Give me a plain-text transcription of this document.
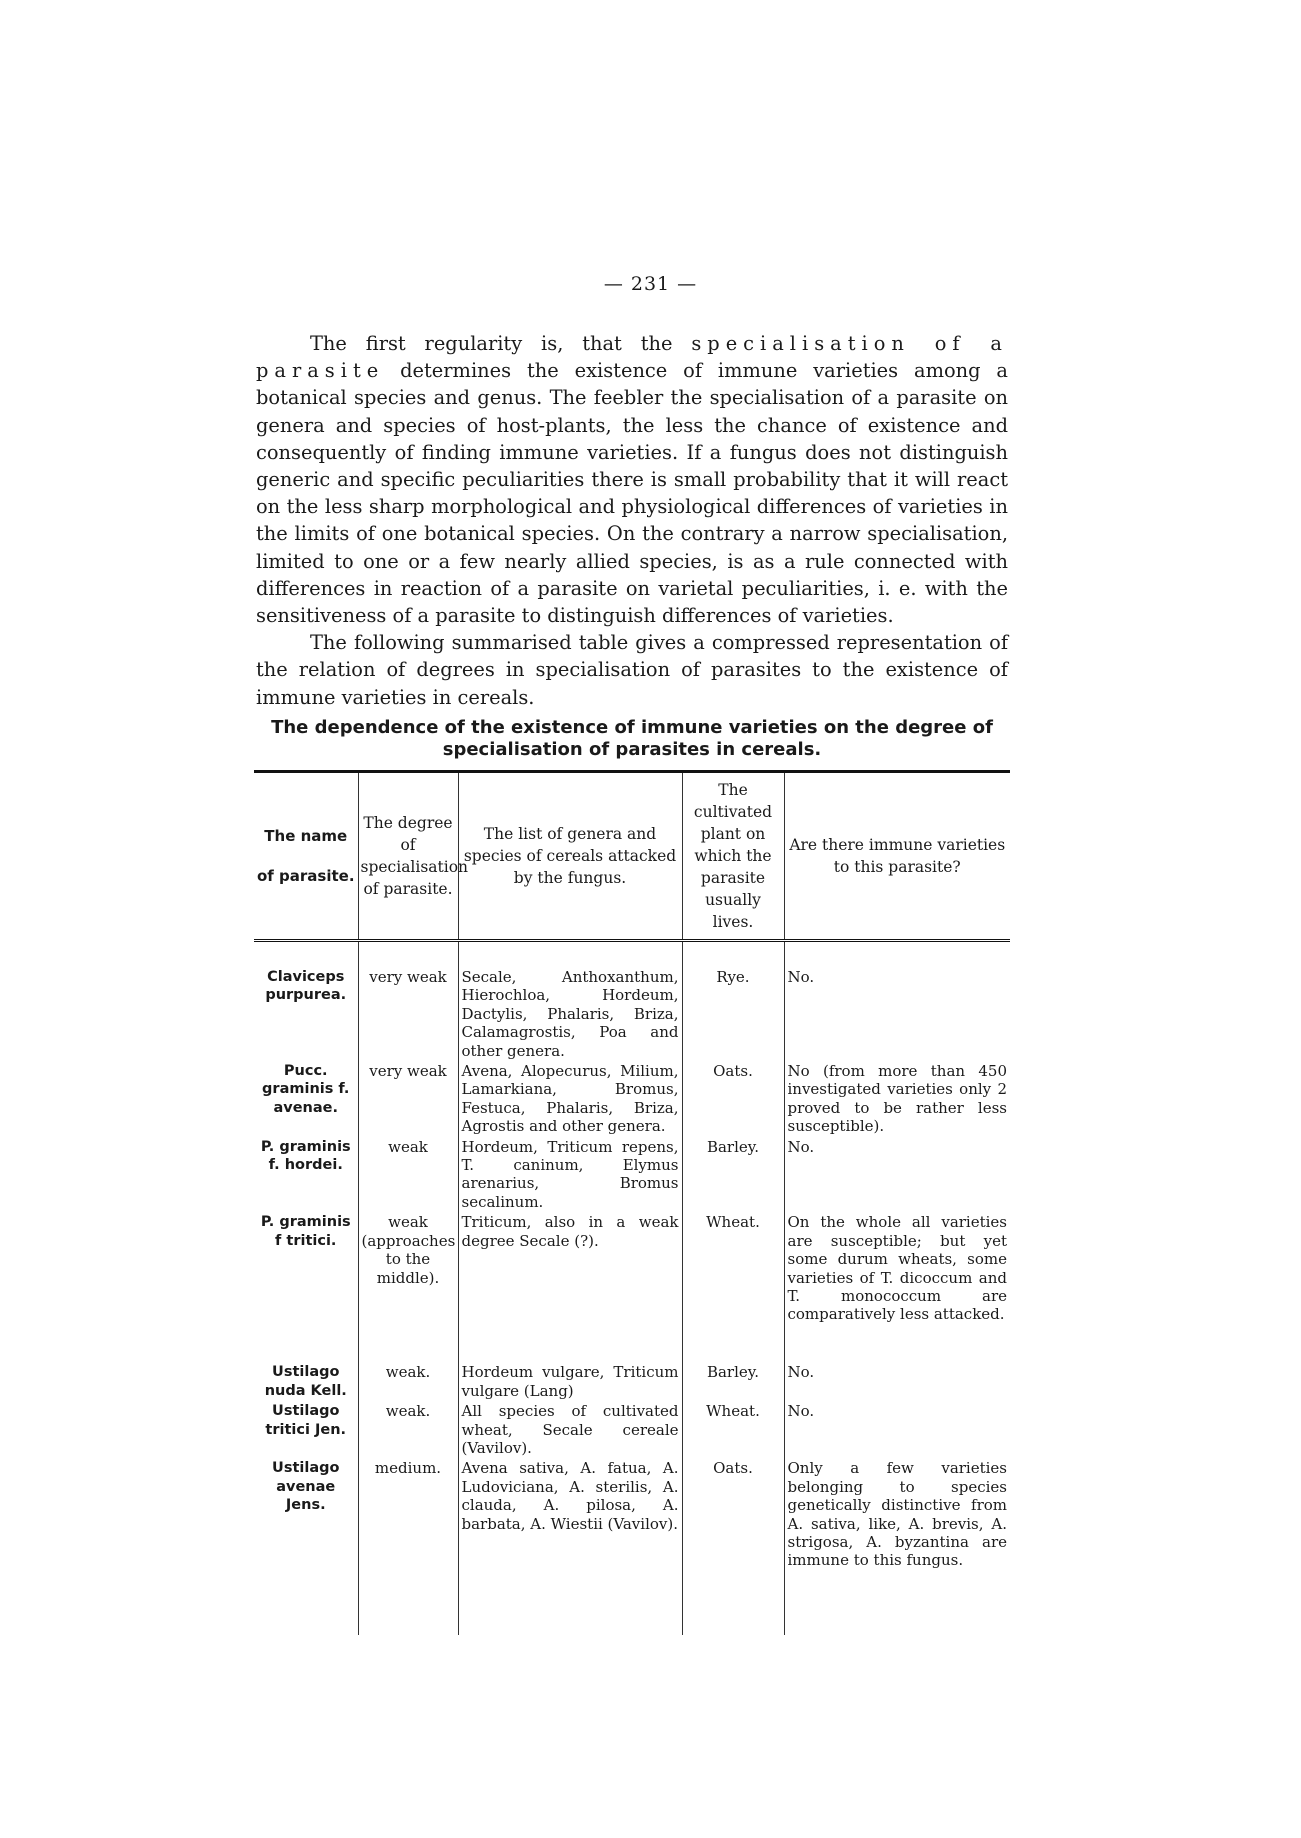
— 231 —

The first regularity is, that the specialisation of a parasite determines the existence of immune varieties among a botanical species and genus. The feebler the specialisation of a parasite on genera and species of host-plants, the less the chance of existence and consequently of finding immune varieties. If a fungus does not distinguish generic and specific peculiarities there is small probability that it will react on the less sharp morphological and physiological differences of varieties in the limits of one botanical species. On the contrary a narrow specialisation, limited to one or a few nearly allied species, is as a rule connected with differences in reaction of a parasite on varietal peculiarities, i. e. with the sensitiveness of a parasite to distinguish differences of varieties.

The following summarised table gives a compressed representation of the relation of degrees in specialisation of parasites to the existence of immune varieties in cereals.

The dependence of the existence of immune varieties on the degree of specialisation of parasites in cereals.
The name of parasite.	The degree of specialisation of parasite.	The list of genera and species of cereals attacked by the fungus.	The cultivated plant on which the parasite usually lives.	Are there immune varieties to this parasite?
Claviceps purpurea.	very weak	Secale, Anthoxanthum, Hierochloa, Hordeum, Dactylis, Phalaris, Briza, Calamagrostis, Poa and other genera.	Rye.	No.
Pucc. graminis f. avenae.	very weak	Avena, Alopecurus, Milium, Lamarkiana, Bromus, Festuca, Phalaris, Briza, Agrostis and other genera.	Oats.	No (from more than 450 investigated varieties only 2 proved to be rather less susceptible).
P. graminis f. hordei.	weak	Hordeum, Triticum repens, T. caninum, Elymus arenarius, Bromus secalinum.	Barley.	No.
P. graminis f tritici.	weak (approaches to the middle).	Triticum, also in a weak degree Secale (?).	Wheat.	On the whole all varieties are susceptible; but yet some durum wheats, some varieties of T. dicoccum and T. monococcum are comparatively less attacked.
Ustilago nuda Kell.	weak.	Hordeum vulgare, Triticum vulgare (Lang)	Barley.	No.
Ustilago tritici Jen.	weak.	All species of cultivated wheat, Secale cereale (Vavilov).	Wheat.	No.
Ustilago avenae Jens.	medium.	Avena sativa, A. fatua, A. Ludoviciana, A. sterilis, A. clauda, A. pilosa, A. barbata, A. Wiestii (Vavilov).	Oats.	Only a few varieties belonging to species genetically distinctive from A. sativa, like, A. brevis, A. strigosa, A. byzantina are immune to this fungus.
